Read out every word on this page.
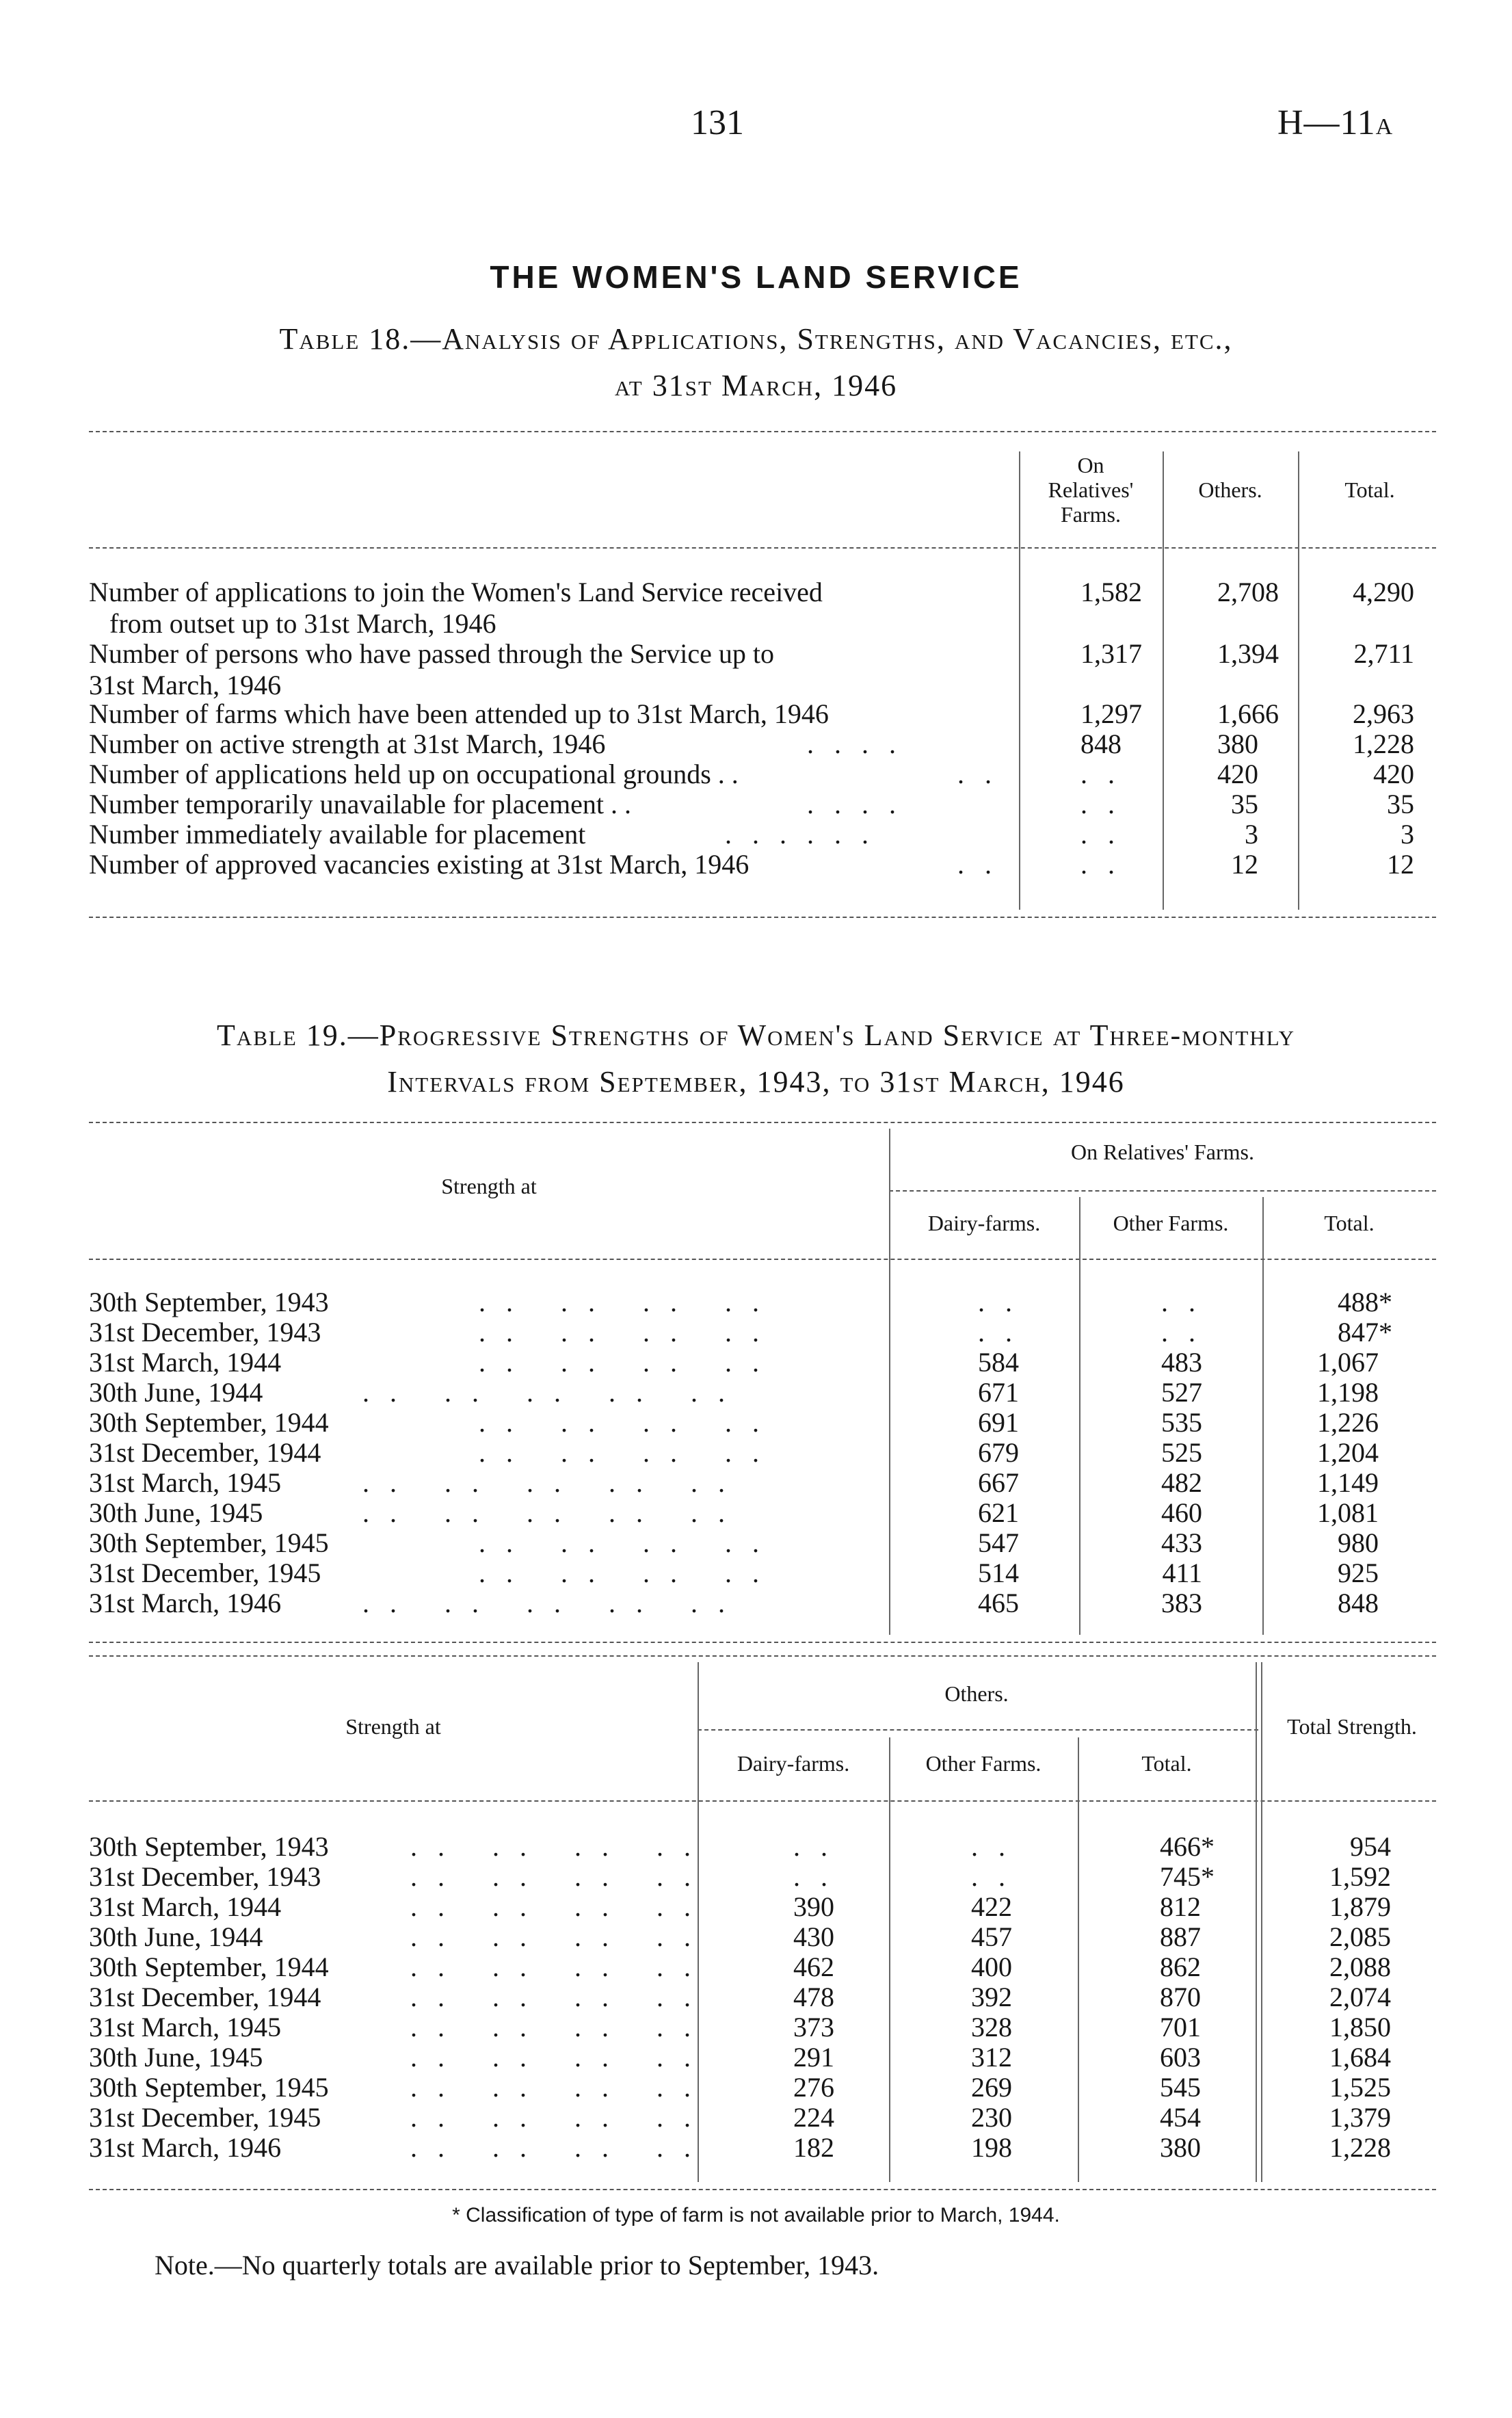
131	H—11A
THE WOMEN'S LAND SERVICE
Table 18.—Analysis of Applications, Strengths, and Vacancies, etc.,
at 31st March, 1946
On
Relatives'
Farms.
Others.	Total.
Number of applications to join the Women's Land Service received
from outset up to 31st March, 1946
1,582	2,708	4,290
Number of persons who have passed through the Service up to
31st March, 1946
1,317	1,394	2,711
Number of farms which have been attended up to 31st March, 1946	1,297	1,666	2,963
Number on active strength at 31st March, 1946	. . . .	848	380	1,228
Number of applications held up on occupational grounds . .	. .	. .	420	420
Number temporarily unavailable for placement . .	. . . .	. .	35	35
Number immediately available for placement	. . . . . .	. .	3	3
Number of approved vacancies existing at 31st March, 1946	. .	. .	12	12
Table 19.—Progressive Strengths of Women's Land Service at Three-monthly
Intervals from September, 1943, to 31st March, 1946
Strength at
On Relatives' Farms.
Dairy-farms.	Other Farms.	Total.
30th September, 1943	. .   . .   . .   . .	. .	. .	488*
31st December, 1943	. .   . .   . .   . .	. .	. .	847*
31st March, 1944	. .   . .   . .   . .	584	483	1,067
30th June, 1944	. .   . .   . .   . .   . .	671	527	1,198
30th September, 1944	. .   . .   . .   . .	691	535	1,226
31st December, 1944	. .   . .   . .   . .	679	525	1,204
31st March, 1945	. .   . .   . .   . .   . .	667	482	1,149
30th June, 1945	. .   . .   . .   . .   . .	621	460	1,081
30th September, 1945	. .   . .   . .   . .	547	433	980
31st December, 1945	. .   . .   . .   . .	514	411	925
31st March, 1946	. .   . .   . .   . .   . .	465	383	848
Strength at
Others.
Dairy-farms.	Other Farms.	Total.
Total Strength.
30th September, 1943	. .   . .   . .   . .	. .	. .	466*	954
31st December, 1943	. .   . .   . .   . .	. .	. .	745*	1,592
31st March, 1944	. .   . .   . .   . .	390	422	812	1,879
30th June, 1944	. .   . .   . .   . .	430	457	887	2,085
30th September, 1944	. .   . .   . .   . .	462	400	862	2,088
31st December, 1944	. .   . .   . .   . .	478	392	870	2,074
31st March, 1945	. .   . .   . .   . .	373	328	701	1,850
30th June, 1945	. .   . .   . .   . .	291	312	603	1,684
30th September, 1945	. .   . .   . .   . .	276	269	545	1,525
31st December, 1945	. .   . .   . .   . .	224	230	454	1,379
31st March, 1946	. .   . .   . .   . .	182	198	380	1,228
* Classification of type of farm is not available prior to March, 1944.
Note.—No quarterly totals are available prior to September, 1943.
